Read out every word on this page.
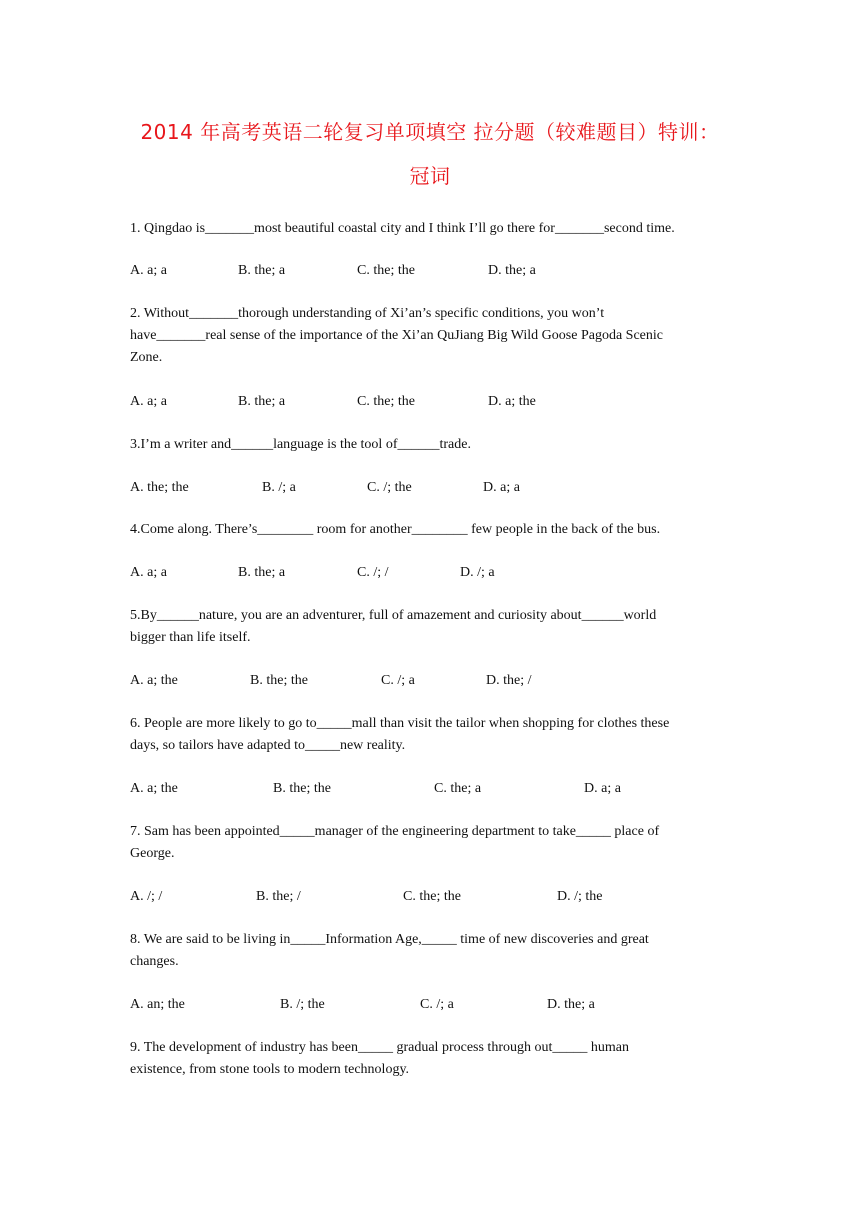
2014 年高考英语二轮复习单项填空 拉分题（较难题目）特训：
冠词
1. Qingdao is_______most beautiful coastal city and I think I’ll go there for_______second time.
A. a; a	B. the; a	C. the; the	D. the; a
2. Without_______thorough understanding of Xi’an’s specific conditions, you won’t
have_______real sense of the importance of the Xi’an QuJiang Big Wild Goose Pagoda Scenic
Zone.
A. a; a	B. the; a	C. the; the	D. a; the
3.I’m a writer and______language is the tool of______trade.
A. the; the	B. /; a	C. /; the	D. a; a
4.Come along. There’s________ room for another________ few people in the back of the bus.
A. a; a	B. the; a	C. /; /	D. /; a
5.By______nature, you are an adventurer, full of amazement and curiosity about______world
bigger than life itself.
A. a; the	B. the; the	C. /; a	D. the; /
6. People are more likely to go to_____mall than visit the tailor when shopping for clothes these
days, so tailors have adapted to_____new reality.
A. a; the	B. the; the	C. the; a	D. a; a
7. Sam has been appointed_____manager of the engineering department to take_____ place of
George.
A. /; /	B. the; /	C. the; the	D. /; the
8. We are said to be living in_____Information Age,_____ time of new discoveries and great
changes.
A. an; the	B. /; the	C. /; a	D. the; a
9. The development of industry has been_____ gradual process through out_____ human
existence, from stone tools to modern technology.
